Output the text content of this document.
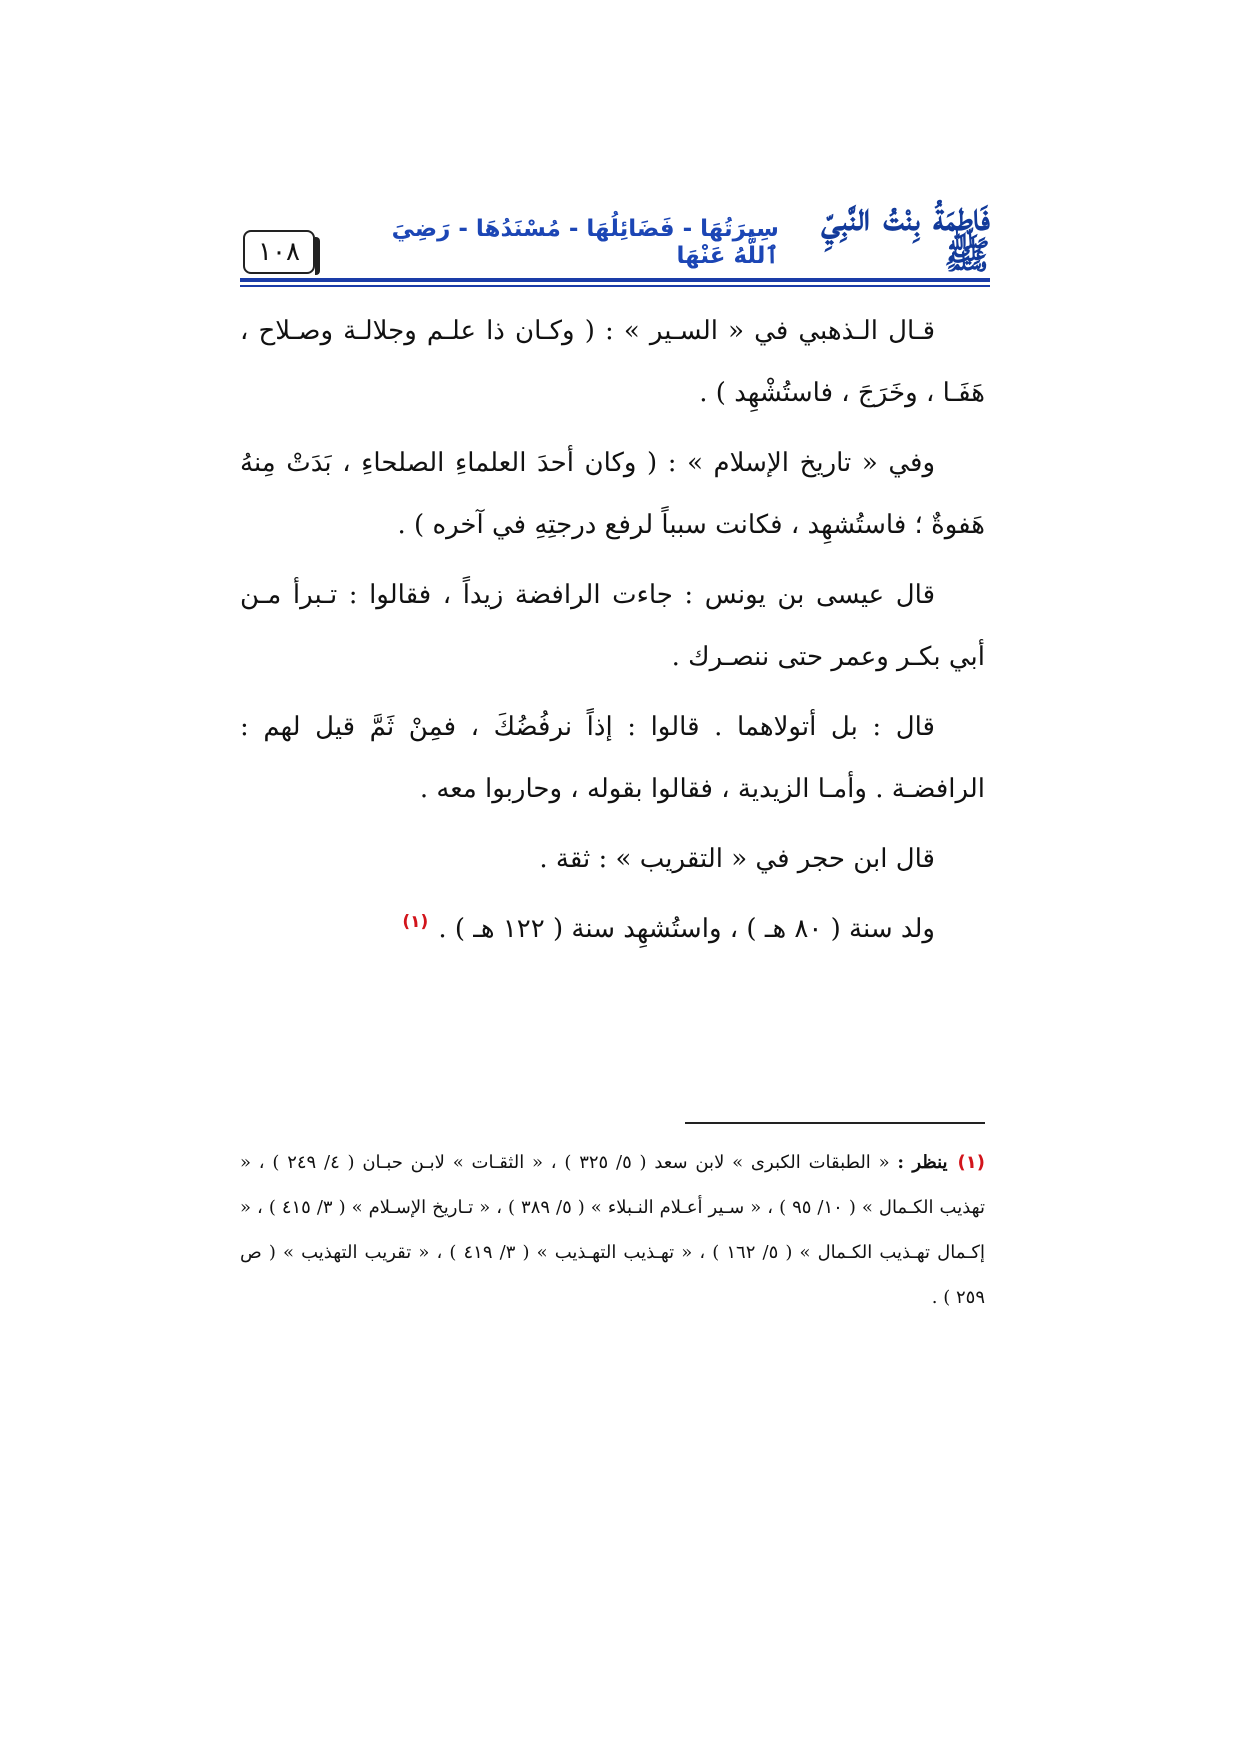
١٠٨
فَاطِمَةُ بِنْتُ النَّبِيِّ ﷺ
سِيرَتُهَا - فَضَائِلُهَا - مُسْنَدُهَا - رَضِيَ ٱللَّهُ عَنْهَا

قـال الـذهبي في « السـير » : ( وكـان ذا علـم وجلالـة وصـلاح ، هَفَـا ، وخَرَجَ ، فاستُشْهِد ) .

وفي « تاريخ الإسلام » : ( وكان أحدَ العلماءِ الصلحاءِ ، بَدَتْ مِنهُ هَفوةٌ ؛ فاستُشهِد ، فكانت سبباً لرفع درجتِهِ في آخره ) .

قال عيسى بن يونس : جاءت الرافضة زيداً ، فقالوا : تـبرأ مـن أبي بكـر وعمر حتى ننصـرك .

قال : بل أتولاهما . قالوا : إذاً نرفُضُكَ ، فمِنْ ثَمَّ قيل لهم : الرافضـة . وأمـا الزيدية ، فقالوا بقوله ، وحاربوا معه .

قال ابن حجر في « التقريب » : ثقة .

ولد سنة ( ٨٠ هـ ) ، واستُشهِد سنة ( ١٢٢ هـ ) .$^{(١)}$

(١)ينظر : « الطبقات الكبرى » لابن سعد ( ٥/ ٣٢٥ ) ، « الثقـات » لابـن حبـان ( ٤/ ٢٤٩ ) ، « تهذيب الكـمال » ( ١٠/ ٩٥ ) ، « سـير أعـلام النـبلاء » ( ٥/ ٣٨٩ ) ، « تـاريخ الإسـلام » ( ٣/ ٤١٥ ) ، « إكـمال تهـذيب الكـمال » ( ٥/ ١٦٢ ) ، « تهـذيب التهـذيب » ( ٣/ ٤١٩ ) ، « تقريب التهذيب » ( ص ٢٥٩ ) .
